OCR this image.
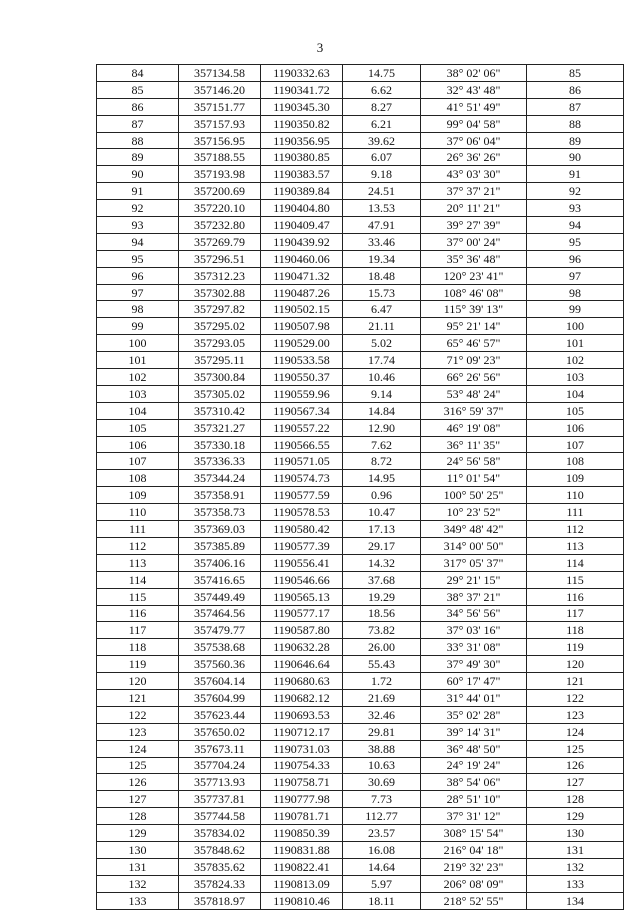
3
84	357134.58	1190332.63	14.75	38° 02' 06"	85
85	357146.20	1190341.72	6.62	32° 43' 48"	86
86	357151.77	1190345.30	8.27	41° 51' 49"	87
87	357157.93	1190350.82	6.21	99° 04' 58"	88
88	357156.95	1190356.95	39.62	37° 06' 04"	89
89	357188.55	1190380.85	6.07	26° 36' 26"	90
90	357193.98	1190383.57	9.18	43° 03' 30"	91
91	357200.69	1190389.84	24.51	37° 37' 21"	92
92	357220.10	1190404.80	13.53	20° 11' 21"	93
93	357232.80	1190409.47	47.91	39° 27' 39"	94
94	357269.79	1190439.92	33.46	37° 00' 24"	95
95	357296.51	1190460.06	19.34	35° 36' 48"	96
96	357312.23	1190471.32	18.48	120° 23' 41"	97
97	357302.88	1190487.26	15.73	108° 46' 08"	98
98	357297.82	1190502.15	6.47	115° 39' 13"	99
99	357295.02	1190507.98	21.11	95° 21' 14"	100
100	357293.05	1190529.00	5.02	65° 46' 57"	101
101	357295.11	1190533.58	17.74	71° 09' 23"	102
102	357300.84	1190550.37	10.46	66° 26' 56"	103
103	357305.02	1190559.96	9.14	53° 48' 24"	104
104	357310.42	1190567.34	14.84	316° 59' 37"	105
105	357321.27	1190557.22	12.90	46° 19' 08"	106
106	357330.18	1190566.55	7.62	36° 11' 35"	107
107	357336.33	1190571.05	8.72	24° 56' 58"	108
108	357344.24	1190574.73	14.95	11° 01' 54"	109
109	357358.91	1190577.59	0.96	100° 50' 25"	110
110	357358.73	1190578.53	10.47	10° 23' 52"	111
111	357369.03	1190580.42	17.13	349° 48' 42"	112
112	357385.89	1190577.39	29.17	314° 00' 50"	113
113	357406.16	1190556.41	14.32	317° 05' 37"	114
114	357416.65	1190546.66	37.68	29° 21' 15"	115
115	357449.49	1190565.13	19.29	38° 37' 21"	116
116	357464.56	1190577.17	18.56	34° 56' 56"	117
117	357479.77	1190587.80	73.82	37° 03' 16"	118
118	357538.68	1190632.28	26.00	33° 31' 08"	119
119	357560.36	1190646.64	55.43	37° 49' 30"	120
120	357604.14	1190680.63	1.72	60° 17' 47"	121
121	357604.99	1190682.12	21.69	31° 44' 01"	122
122	357623.44	1190693.53	32.46	35° 02' 28"	123
123	357650.02	1190712.17	29.81	39° 14' 31"	124
124	357673.11	1190731.03	38.88	36° 48' 50"	125
125	357704.24	1190754.33	10.63	24° 19' 24"	126
126	357713.93	1190758.71	30.69	38° 54' 06"	127
127	357737.81	1190777.98	7.73	28° 51' 10"	128
128	357744.58	1190781.71	112.77	37° 31' 12"	129
129	357834.02	1190850.39	23.57	308° 15' 54"	130
130	357848.62	1190831.88	16.08	216° 04' 18"	131
131	357835.62	1190822.41	14.64	219° 32' 23"	132
132	357824.33	1190813.09	5.97	206° 08' 09"	133
133	357818.97	1190810.46	18.11	218° 52' 55"	134
